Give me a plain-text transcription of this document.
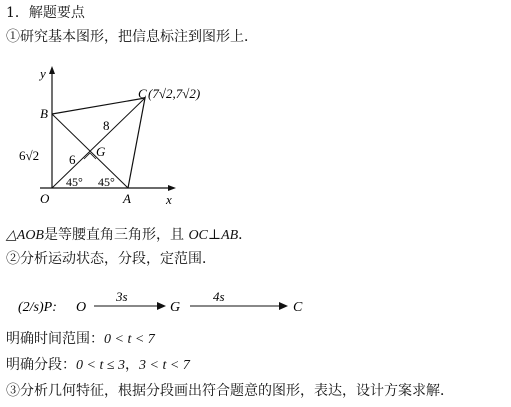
1．解题要点
①研究基本图形，把信息标注到图形上．
y
x
B
C (7√2,7√2)
O	A
G
8
6
6√2
45° 45°
△AOB是等腰直角三角形，且 OC⊥AB．
②分析运动状态，分段，定范围．
(2/s)P: O
3s
G
4s
C
明确时间范围：0 < t < 7
明确分段：0 < t ≤ 3，3 < t < 7
③分析几何特征，根据分段画出符合题意的图形，表达，设计方案求解．
